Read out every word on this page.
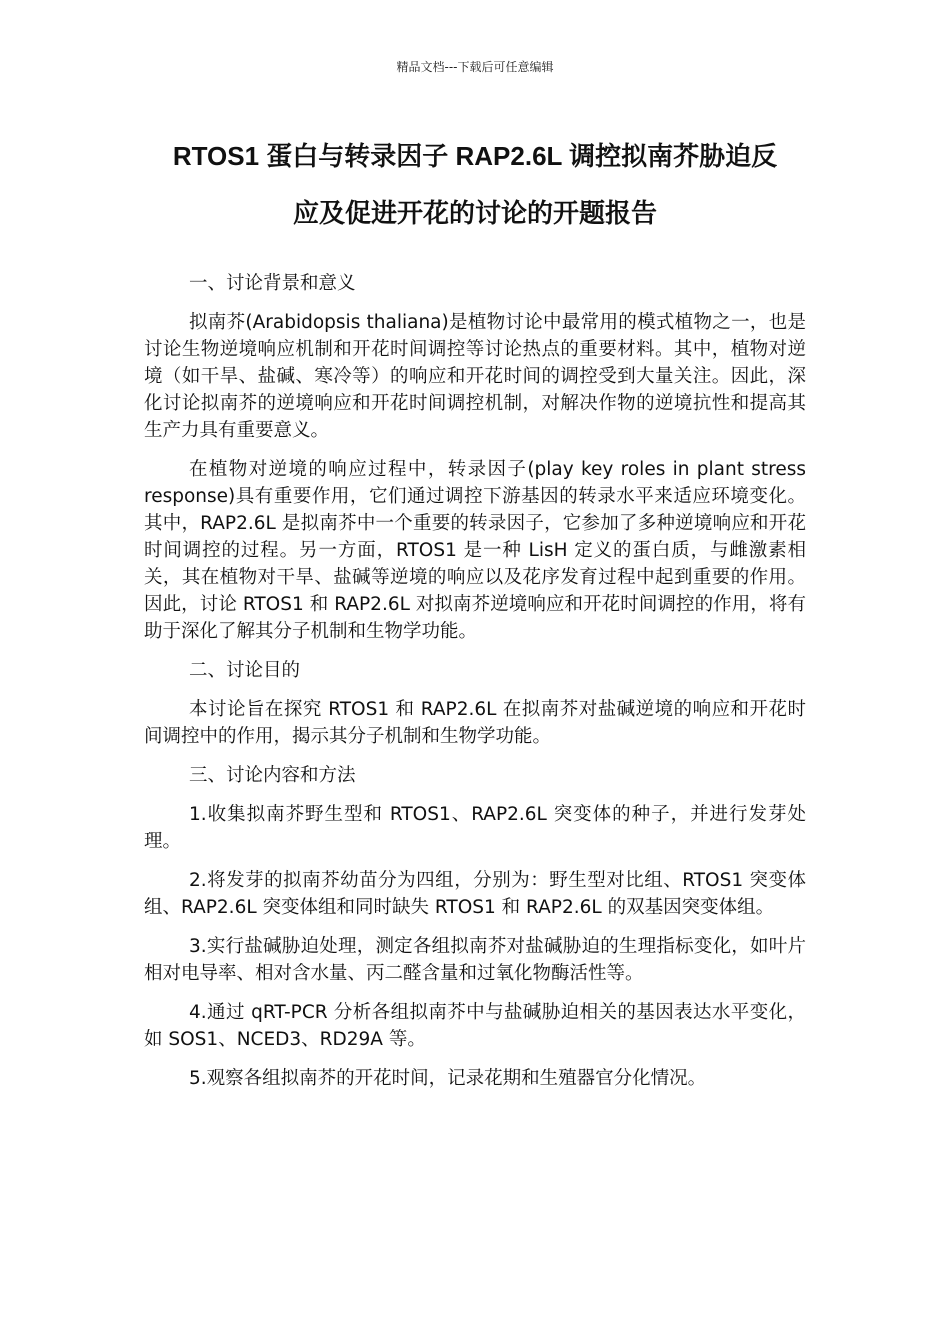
精品文档---下载后可任意编辑
RTOS1 蛋白与转录因子 RAP2.6L 调控拟南芥胁迫反
应及促进开花的讨论的开题报告

一、讨论背景和意义

拟南芥(Arabidopsis thaliana)是植物讨论中最常用的模式植物之一，也是讨论生物逆境响应机制和开花时间调控等讨论热点的重要材料。其中，植物对逆境（如干旱、盐碱、寒冷等）的响应和开花时间的调控受到大量关注。因此，深化讨论拟南芥的逆境响应和开花时间调控机制，对解决作物的逆境抗性和提高其生产力具有重要意义。

在植物对逆境的响应过程中，转录因子(play key roles in plant stress response)具有重要作用，它们通过调控下游基因的转录水平来适应环境变化。其中，RAP2.6L 是拟南芥中一个重要的转录因子，它参加了多种逆境响应和开花时间调控的过程。另一方面，RTOS1 是一种 LisH 定义的蛋白质，与雌激素相关，其在植物对干旱、盐碱等逆境的响应以及花序发育过程中起到重要的作用。因此，讨论 RTOS1 和 RAP2.6L 对拟南芥逆境响应和开花时间调控的作用，将有助于深化了解其分子机制和生物学功能。

二、讨论目的

本讨论旨在探究 RTOS1 和 RAP2.6L 在拟南芥对盐碱逆境的响应和开花时间调控中的作用，揭示其分子机制和生物学功能。

三、讨论内容和方法

1.收集拟南芥野生型和 RTOS1、RAP2.6L 突变体的种子，并进行发芽处理。

2.将发芽的拟南芥幼苗分为四组，分别为：野生型对比组、RTOS1 突变体组、RAP2.6L 突变体组和同时缺失 RTOS1 和 RAP2.6L 的双基因突变体组。

3.实行盐碱胁迫处理，测定各组拟南芥对盐碱胁迫的生理指标变化，如叶片相对电导率、相对含水量、丙二醛含量和过氧化物酶活性等。

4.通过 qRT-PCR 分析各组拟南芥中与盐碱胁迫相关的基因表达水平变化，如 SOS1、NCED3、RD29A 等。

5.观察各组拟南芥的开花时间，记录花期和生殖器官分化情况。
